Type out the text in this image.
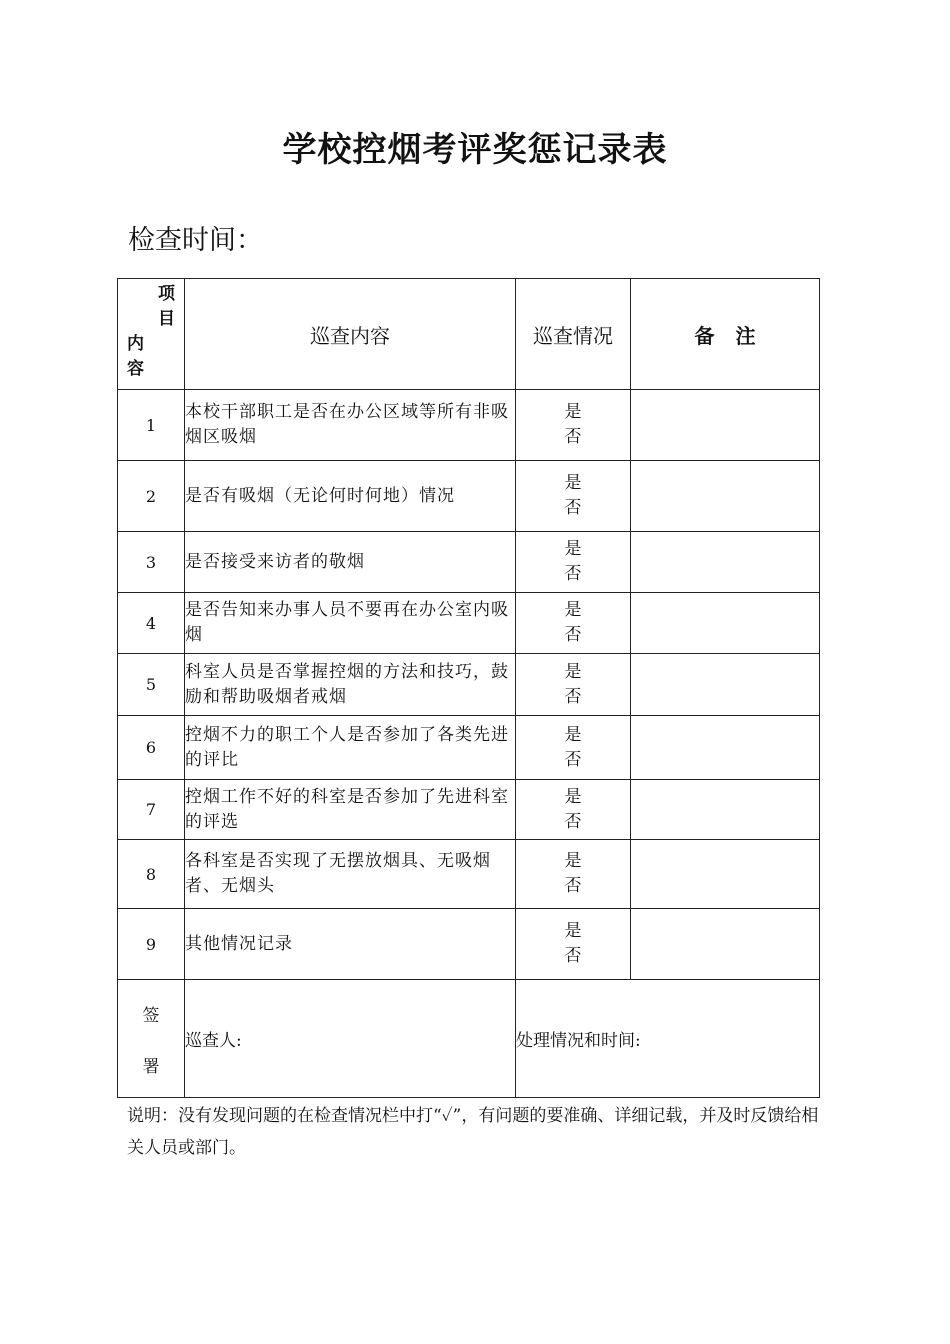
学校控烟考评奖惩记录表
检查时间：
项
目
内
容	巡查内容	巡查情况	备 注
1	本校干部职工是否在办公区域等所有非吸烟区吸烟	是
否	

2	是否有吸烟（无论何时何地）情况	是
否	

3	是否接受来访者的敬烟	是
否	

4	是否告知来办事人员不要再在办公室内吸烟	是
否	

5	科室人员是否掌握控烟的方法和技巧，鼓励和帮助吸烟者戒烟	是
否	

6	控烟不力的职工个人是否参加了各类先进的评比	是
否	

7	控烟工作不好的科室是否参加了先进科室的评选	是
否	

8	各科室是否实现了无摆放烟具、无吸烟者、无烟头	是
否	

9	其他情况记录	是
否	

签
署	巡查人:	处理情况和时间:	
说明：没有发现问题的在检查情况栏中打“✓”，有问题的要准确、详细记载，并及时反馈给相关人员或部门。
